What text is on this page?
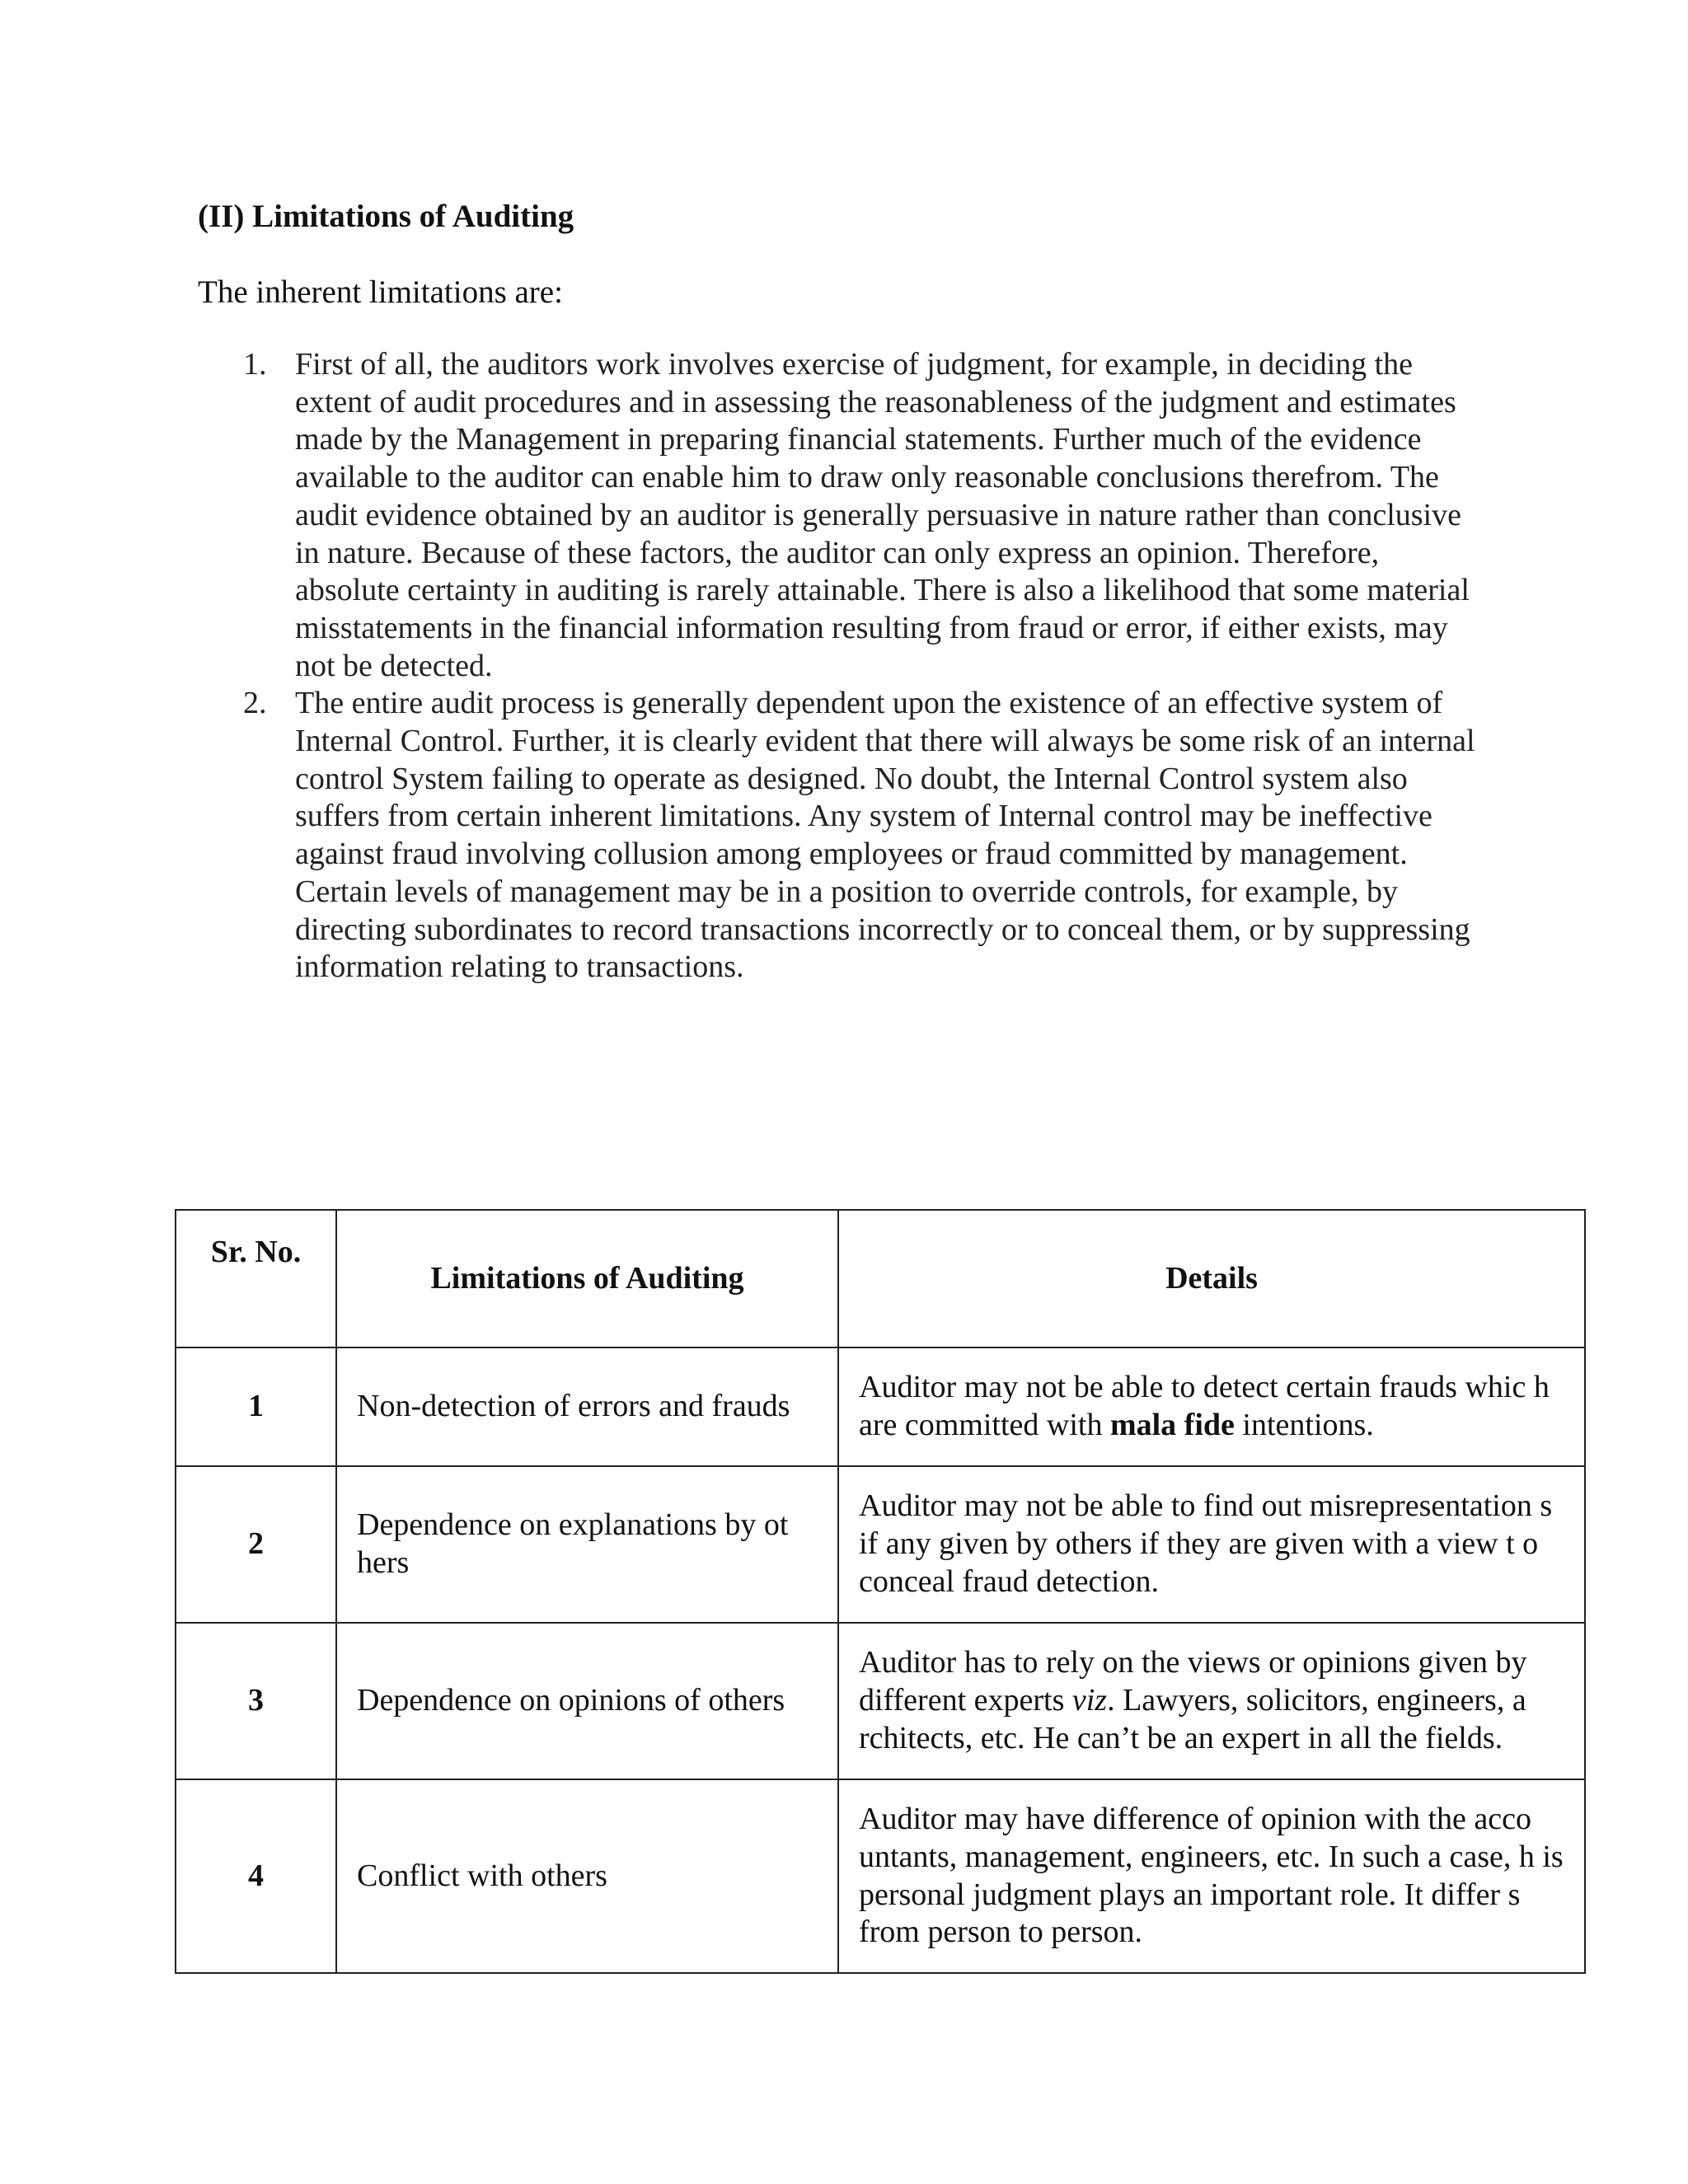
(II) Limitations of Auditing

The inherent limitations are:

1. First of all, the auditors work involves exercise of judgment, for example, in deciding the extent of audit procedures and in assessing the reasonableness of the judgment and estimates made by the Management in preparing financial statements. Further much of the evidence available to the auditor can enable him to draw only reasonable conclusions therefrom. The audit evidence obtained by an auditor is generally persuasive in nature rather than conclusive in nature. Because of these factors, the auditor can only express an opinion. Therefore, absolute certainty in auditing is rarely attainable. There is also a likelihood that some material misstatements in the financial information resulting from fraud or error, if either exists, may not be detected.
2. The entire audit process is generally dependent upon the existence of an effective system of Internal Control. Further, it is clearly evident that there will always be some risk of an internal control System failing to operate as designed. No doubt, the Internal Control system also suffers from certain inherent limitations. Any system of Internal control may be ineffective against fraud involving collusion among employees or fraud committed by management. Certain levels of management may be in a position to override controls, for example, by directing subordinates to record transactions incorrectly or to conceal them, or by suppressing information relating to transactions.
Sr. No.	Limitations of Auditing	Details
1	Non-detection of errors and frauds	Auditor may not be able to detect certain frauds whic h are committed with mala fide intentions.
2	Dependence on explanations by ot hers	Auditor may not be able to find out misrepresentation s if any given by others if they are given with a view t o conceal fraud detection.
3	Dependence on opinions of others	Auditor has to rely on the views or opinions given by different experts viz. Lawyers, solicitors, engineers, a rchitects, etc. He can’t be an expert in all the fields.
4	Conflict with others	Auditor may have difference of opinion with the acco untants, management, engineers, etc. In such a case, h is personal judgment plays an important role. It differ s from person to person.
